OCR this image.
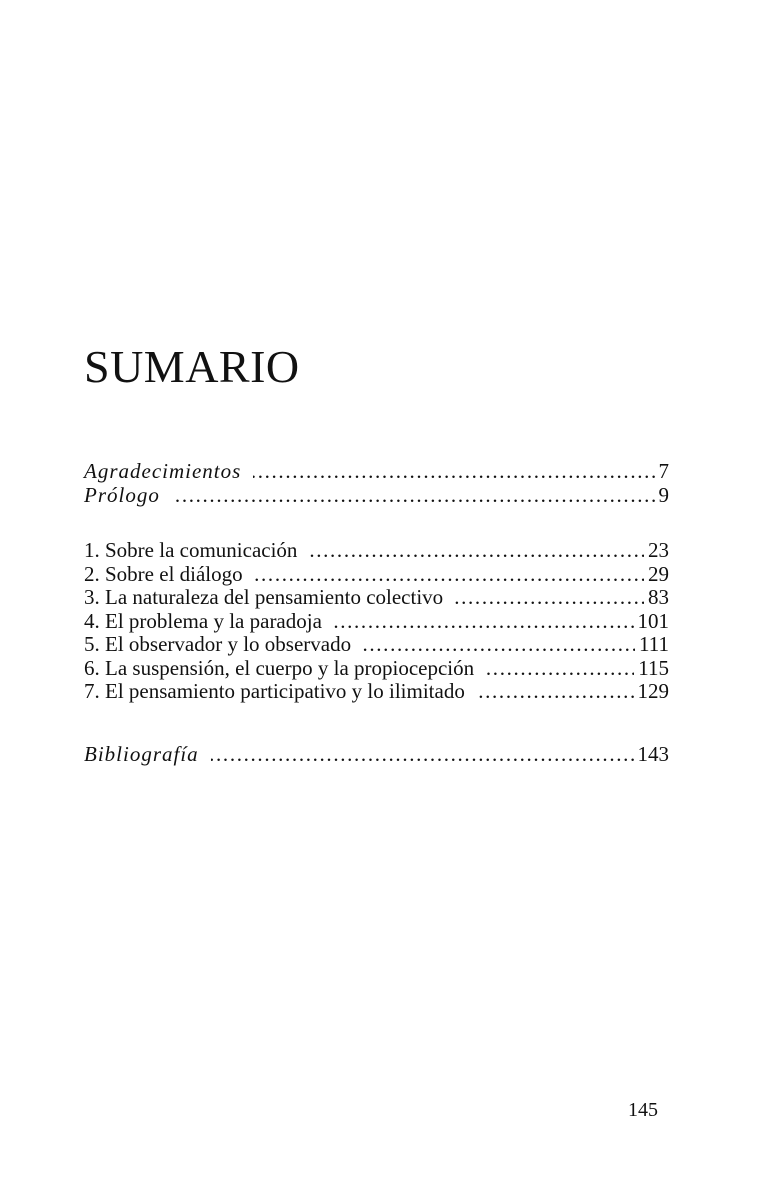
SUMARIO
Agradecimientos . . .	7
Prólogo . . .	9
1. Sobre la comunicación . . .	23
2. Sobre el diálogo . . .	29
3. La naturaleza del pensamiento colectivo . . .	83
4. El problema y la paradoja . . .	101
5. El observador y lo observado . . .	111
6. La suspensión, el cuerpo y la propiocepción . . .	115
7. El pensamiento participativo y lo ilimitado . . .	129
Bibliografía . . .	143
145
